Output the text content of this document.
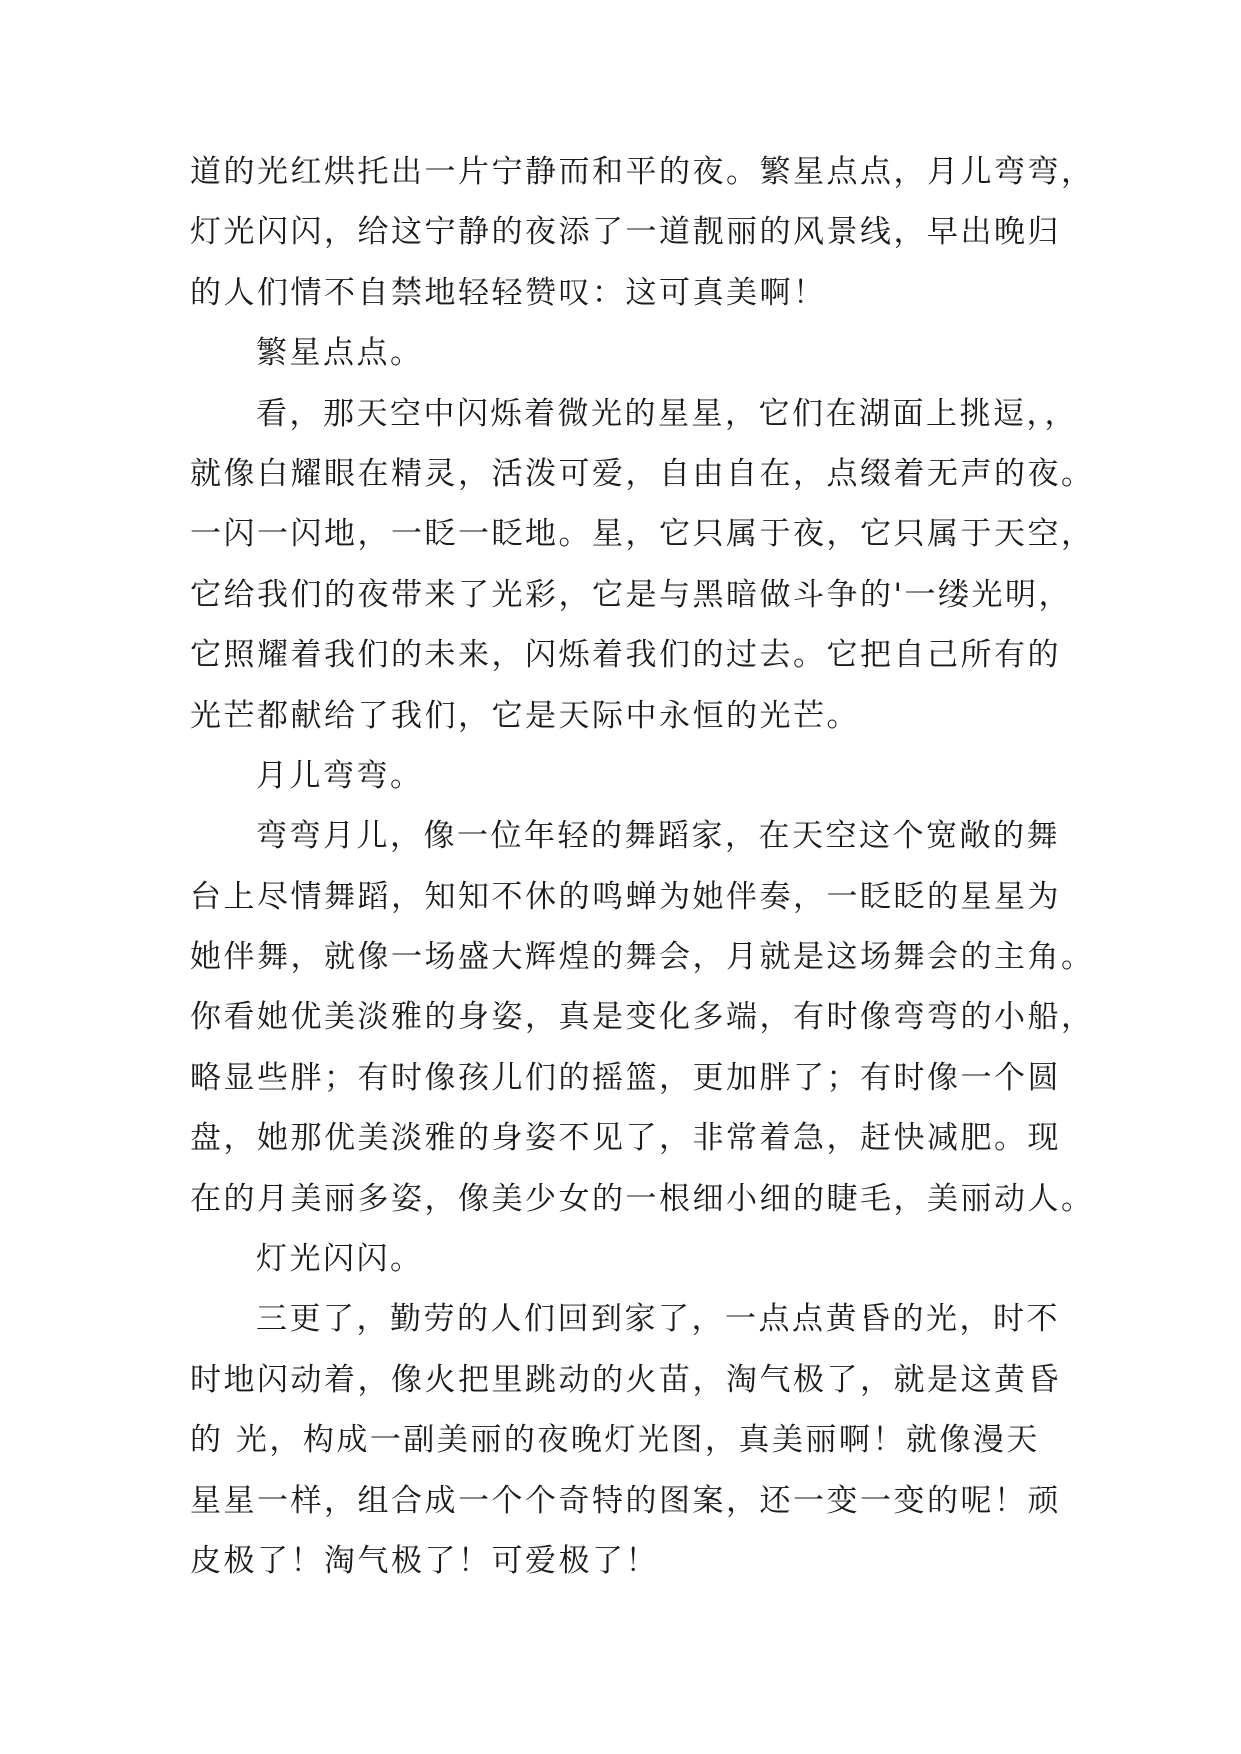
道的光红烘托出一片宁静而和平的夜。繁星点点，月儿弯弯，
灯光闪闪，给这宁静的夜添了一道靓丽的风景线，早出晚归
的人们情不自禁地轻轻赞叹：这可真美啊！
繁星点点。
看，那天空中闪烁着微光的星星，它们在湖面上挑逗，，
就像白耀眼在精灵，活泼可爱，自由自在，点缀着无声的夜。
一闪一闪地，一眨一眨地。星，它只属于夜，它只属于天空，
它给我们的夜带来了光彩，它是与黑暗做斗争的'一缕光明，
它照耀着我们的未来，闪烁着我们的过去。它把自己所有的
光芒都献给了我们，它是天际中永恒的光芒。
月儿弯弯。
弯弯月儿，像一位年轻的舞蹈家，在天空这个宽敞的舞
台上尽情舞蹈，知知不休的鸣蝉为她伴奏，一眨眨的星星为
她伴舞，就像一场盛大辉煌的舞会，月就是这场舞会的主角。
你看她优美淡雅的身姿，真是变化多端，有时像弯弯的小船，
略显些胖；有时像孩儿们的摇篮，更加胖了；有时像一个圆
盘，她那优美淡雅的身姿不见了，非常着急，赶快减肥。现
在的月美丽多姿，像美少女的一根细小细的睫毛，美丽动人。
灯光闪闪。
三更了，勤劳的人们回到家了，一点点黄昏的光，时不
时地闪动着，像火把里跳动的火苗，淘气极了，就是这黄昏
的 光，构成一副美丽的夜晚灯光图，真美丽啊！就像漫天
星星一样，组合成一个个奇特的图案，还一变一变的呢！顽
皮极了！淘气极了！可爱极了！
